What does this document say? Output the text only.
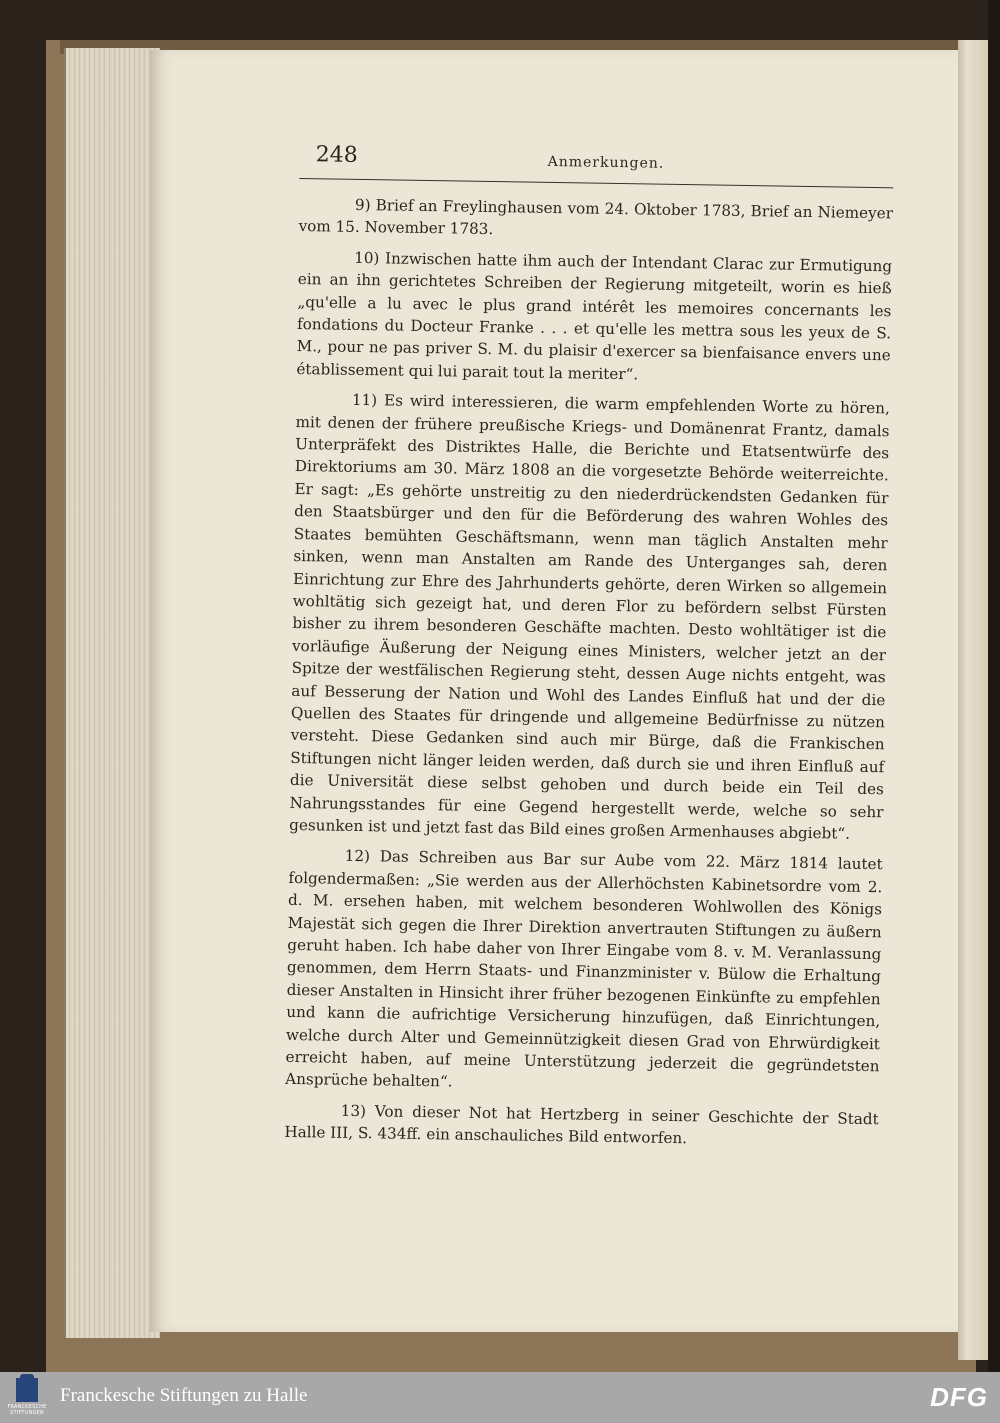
248	Anmerkungen.

9) Brief an Freylinghausen vom 24. Oktober 1783, Brief an Niemeyer vom 15. November 1783.

10) Inzwischen hatte ihm auch der Intendant Clarac zur Ermutigung ein an ihn gerichtetes Schreiben der Regierung mitgeteilt, worin es hieß „qu'elle a lu avec le plus grand intérêt les memoires concernants les fondations du Docteur Franke . . . et qu'elle les mettra sous les yeux de S. M., pour ne pas priver S. M. du plaisir d'exercer sa bienfaisance envers une établissement qui lui parait tout la meriter“.

11) Es wird interessieren, die warm empfehlenden Worte zu hören, mit denen der frühere preußische Kriegs- und Domänenrat Frantz, damals Unterpräfekt des Distriktes Halle, die Berichte und Etatsentwürfe des Direktoriums am 30. März 1808 an die vorgesetzte Behörde weiterreichte. Er sagt: „Es gehörte unstreitig zu den niederdrückendsten Gedanken für den Staatsbürger und den für die Beförderung des wahren Wohles des Staates bemühten Geschäftsmann, wenn man täglich Anstalten mehr sinken, wenn man Anstalten am Rande des Unterganges sah, deren Einrichtung zur Ehre des Jahrhunderts gehörte, deren Wirken so allgemein wohltätig sich gezeigt hat, und deren Flor zu befördern selbst Fürsten bisher zu ihrem besonderen Geschäfte machten. Desto wohltätiger ist die vorläufige Äußerung der Neigung eines Ministers, welcher jetzt an der Spitze der westfälischen Regierung steht, dessen Auge nichts entgeht, was auf Besserung der Nation und Wohl des Landes Einfluß hat und der die Quellen des Staates für dringende und allgemeine Bedürfnisse zu nützen versteht. Diese Gedanken sind auch mir Bürge, daß die Frankischen Stiftungen nicht länger leiden werden, daß durch sie und ihren Einfluß auf die Universität diese selbst gehoben und durch beide ein Teil des Nahrungsstandes für eine Gegend hergestellt werde, welche so sehr gesunken ist und jetzt fast das Bild eines großen Armenhauses abgiebt“.

12) Das Schreiben aus Bar sur Aube vom 22. März 1814 lautet folgendermaßen: „Sie werden aus der Allerhöchsten Kabinetsordre vom 2. d. M. ersehen haben, mit welchem besonderen Wohlwollen des Königs Majestät sich gegen die Ihrer Direktion anvertrauten Stiftungen zu äußern geruht haben. Ich habe daher von Ihrer Eingabe vom 8. v. M. Veranlassung genommen, dem Herrn Staats- und Finanzminister v. Bülow die Erhaltung dieser Anstalten in Hinsicht ihrer früher bezogenen Einkünfte zu empfehlen und kann die aufrichtige Versicherung hinzufügen, daß Einrichtungen, welche durch Alter und Gemeinnützigkeit diesen Grad von Ehrwürdigkeit erreicht haben, auf meine Unterstützung jederzeit die gegründetsten Ansprüche behalten“.

13) Von dieser Not hat Hertzberg in seiner Geschichte der Stadt Halle III, S. 434ff. ein anschauliches Bild entworfen.

FRANCKESCHE STIFTUNGEN
Franckesche Stiftungen zu Halle	DFG
